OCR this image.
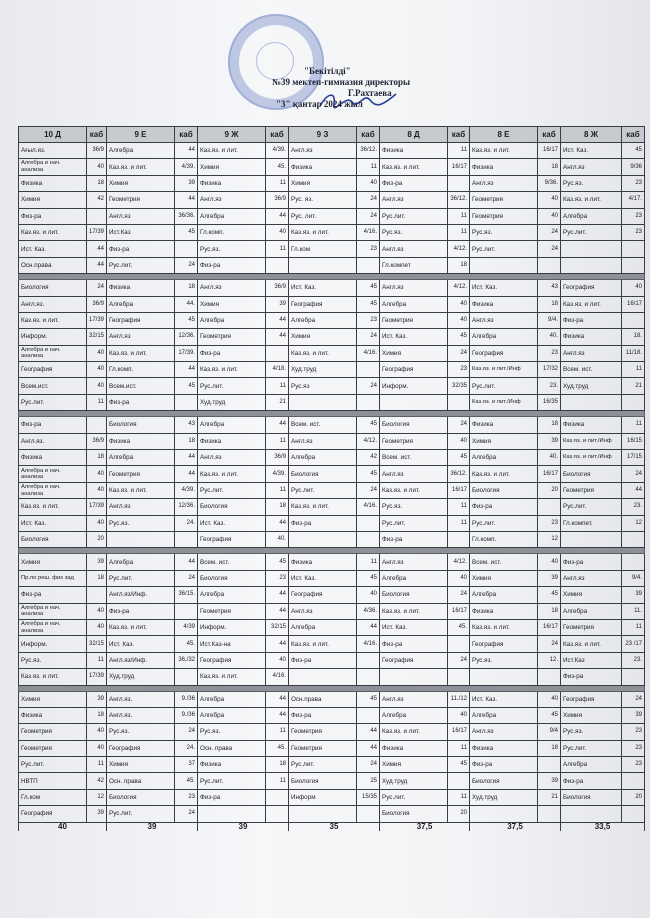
"Бекітілді"
№39 мектеп-гимназия директоры
Г.Рахтаева
"3" қантар 2024 жыл
10 Д	каб	9 Е	каб	9 Ж	каб	9 З	каб	8 Д	каб	8 Е	каб	8 Ж	каб
Ағыл.яз.	36/9	Алгебра	44	Каз.яз. и лит.	4/39.	Англ.яз	36/12.	Физика	11	Каз.яз. и лит.	16/17	Ист. Каз.	45
Алгебра и нач. анализа	40	Каз.яз. и лит.	4/39.	Химия	45.	Физика	11	Каз.яз. и лит.	16/17	Физика	18	Англ.яз	9/36
Физика	18	Химия	39	Физика	11	Химия	40	Физ-ра		Англ.яз	9/36.	Рус.яз.	23
Химия	42	Геометрия	44	Англ.яз	36/9	Рус. яз.	24	Англ.яз	36/12.	Геометрия	40	Каз.яз. и лит.	4/17.
Физ-ра		Англ.яз	36/36.	Алгебра	44	Рус. лит.	24	Рус.лит.	11	Геометрия	40	Алгебра	23
Каз.яз. и лит.	17/39	Ист.Каз	45	Гл.комп.	40	Каз.яз. и лит.	4/16.	Рус.яз.	11	Рус.яз.	24	Рус.лит.	23
Ист. Каз.	44	Физ-ра		Рус.яз.	11	Гл.ком	23	Англ.яз	4/12.	Рус.лит.	24		
Осн.права	44	Рус.лит.	24	Физ-ра				Гл.компет	18				

Биология	24	Физика	18	Англ.яз	36/9	Ист. Каз.	45	Англ.яз	4/12.	Ист. Каз.	43	География	40
Англ.яз.	36/9	Алгебра	44.	Химия	39	География	45	Алгебра	40	Физика	18	Каз.яз. и лит.	16/17
Каз.яз. и лит.	17/39	География	45	Алгебра	44	Алгебра	23	Геометрия	40	Англ.яз	9/4.	Физ-ра	
Информ.	32/15	Англ.яз	12/36.	Геометрия	44	Химия	24	Ист. Каз.	45	Алгебра	40.	Физика	18.
Алгебра и нач. анализа	40	Каз.яз. и лит.	17/39.	Физ-ра		Каз.яз. и лит.	4/16.	Химия	24	География	23	Англ.яз	11/18.
География	40	Гл.комп.	44	Каз.яз. и лит.	4/18.	Худ.труд		География	23	Каз.яз. и лит./Инф	17/32	Всем. ист.	11
Всем.ист.	40	Всем.ист.	45	Рус.лит.	11	Рус.яз	24	Информ.	32/35	Рус.лит.	23.	Худ.труд	21
Рус.лит.	11	Физ-ра		Худ.труд	21					Каз.яз. и лит./Инф	16/35		

Физ-ра		Биология	43	Алгебра	44	Всем. ист.	45	Биология	24	Физика	18	Физика	11
Англ.яз.	36/9	Физика	18	Физика	11	Англ.яз	4/12.	Геометрия	40	Химия	39	Каз.яз. и лит./Инф	16/15
Физика	18	Алгебра	44	Англ.яз	36/9	Алгебра	42	Всем. ист.	45	Алгебра	40.	Каз.яз. и лит./Инф	17/15
Алгебра и нач. анализа	40	Геометрия	44	Каз.яз. и лит.	4/39.	Биология	45	Англ.яз	36/12.	Каз.яз. и лит.	16/17	Биология	24
Алгебра и нач. анализа	40	Каз.яз. и лит.	4/39.	Рус.лит.	11	Рус.лит.	24	Каз.яз. и лит.	16/17	Биология	20	Геометрия	44
Каз.яз. и лит.	17/39	Англ.яз	12/36.	Биология	18	Каз.яз. и лит.	4/16.	Рус.яз.	11	Физ-ра		Рус.лит.	23.
Ист. Каз.	40	Рус.яз.	24.	Ист. Каз.	44	Физ-ра		Рус.лит.	11	Рус.лит.	23	Гл.компет.	12
Биология	20			География	40.			Физ-ра		Гл.комп.	12		

Химия	39	Алгебра	44	Всем. ист.	45	Физика	11	Англ.яз	4/12.	Всем. ист.	40	Физ-ра	
Пр.по реш. физ зад	18	Рус.лит.	24	Биология	23	Ист. Каз.	45	Алгебра	40	Химия	39	Англ.яз	9/4.
Физ-ра		Англ.яз/Инф.	36/15.	Алгебра	44	География	40	Биология	24	Алгебра	45	Химия	39
Алгебра и нач. анализа	40	Физ-ра		Геометрия	44	Англ.яз	4/36.	Каз.яз. и лит.	16/17	Физика	18	Алгебра	11.
Алгебра и нач. анализа	40	Каз.яз. и лит.	4/39	Информ.	32/15	Алгебра	44	Ист. Каз.	45.	Каз.яз. и лит.	16/17	Геометрия	11
Информ.	32/15	Ист. Каз.	45.	Ист.Каз-на	44	Каз.яз. и лит.	4/16.	Физ-ра		География	24	Каз.яз. и лит.	23 /17
Рус.яз.	11	Англ.яз/Инф.	36,/32	География	40	Физ-ра		География	24	Рус.яз.	12.	Ист.Каз	23.
Каз.яз. и лит.	17/39	Худ.труд		Каз.яз. и лит.	4/16.							Физ-ра	

Химия	39	Англ.яз.	9./36	Алгебра	44	Осн.права	45	Англ.яз	11./12	Ист. Каз.	40	География	24
Физика	18	Англ.яз.	9./36	Алгебра	44	Физ-ра		Алгебра	40	Алгебра	45	Химия	39
Геометрия	40	Рус.яз.	24	Рус.яз.	11	Геометрия	44	Каз.яз. и лит.	16/17	Англ.яз	9/4	Рус.яз.	23
Геометрия	40	География	24.	Осн. права	45.	Геометрия	44	Физика	11	Физика	18	Рус.лит.	23
Рус.лит.	11	Химия	37	Физика	18	Рус.лит.	24	Химия	45	Физ-ра		Алгебра	23
НВТП	42	Осн. права	45.	Рус.лит.	11	Биология	25	Худ.труд		Биология	39	Физ-ра	
Гл.ком	12	Биология	23	Физ-ра		Информ	15/35	Рус.лит.	11	Худ.труд	21	Биология	20
География	39	Рус.лит.	24					Биология	20				
40		39		39		35		37,5		37,5		33,5	
